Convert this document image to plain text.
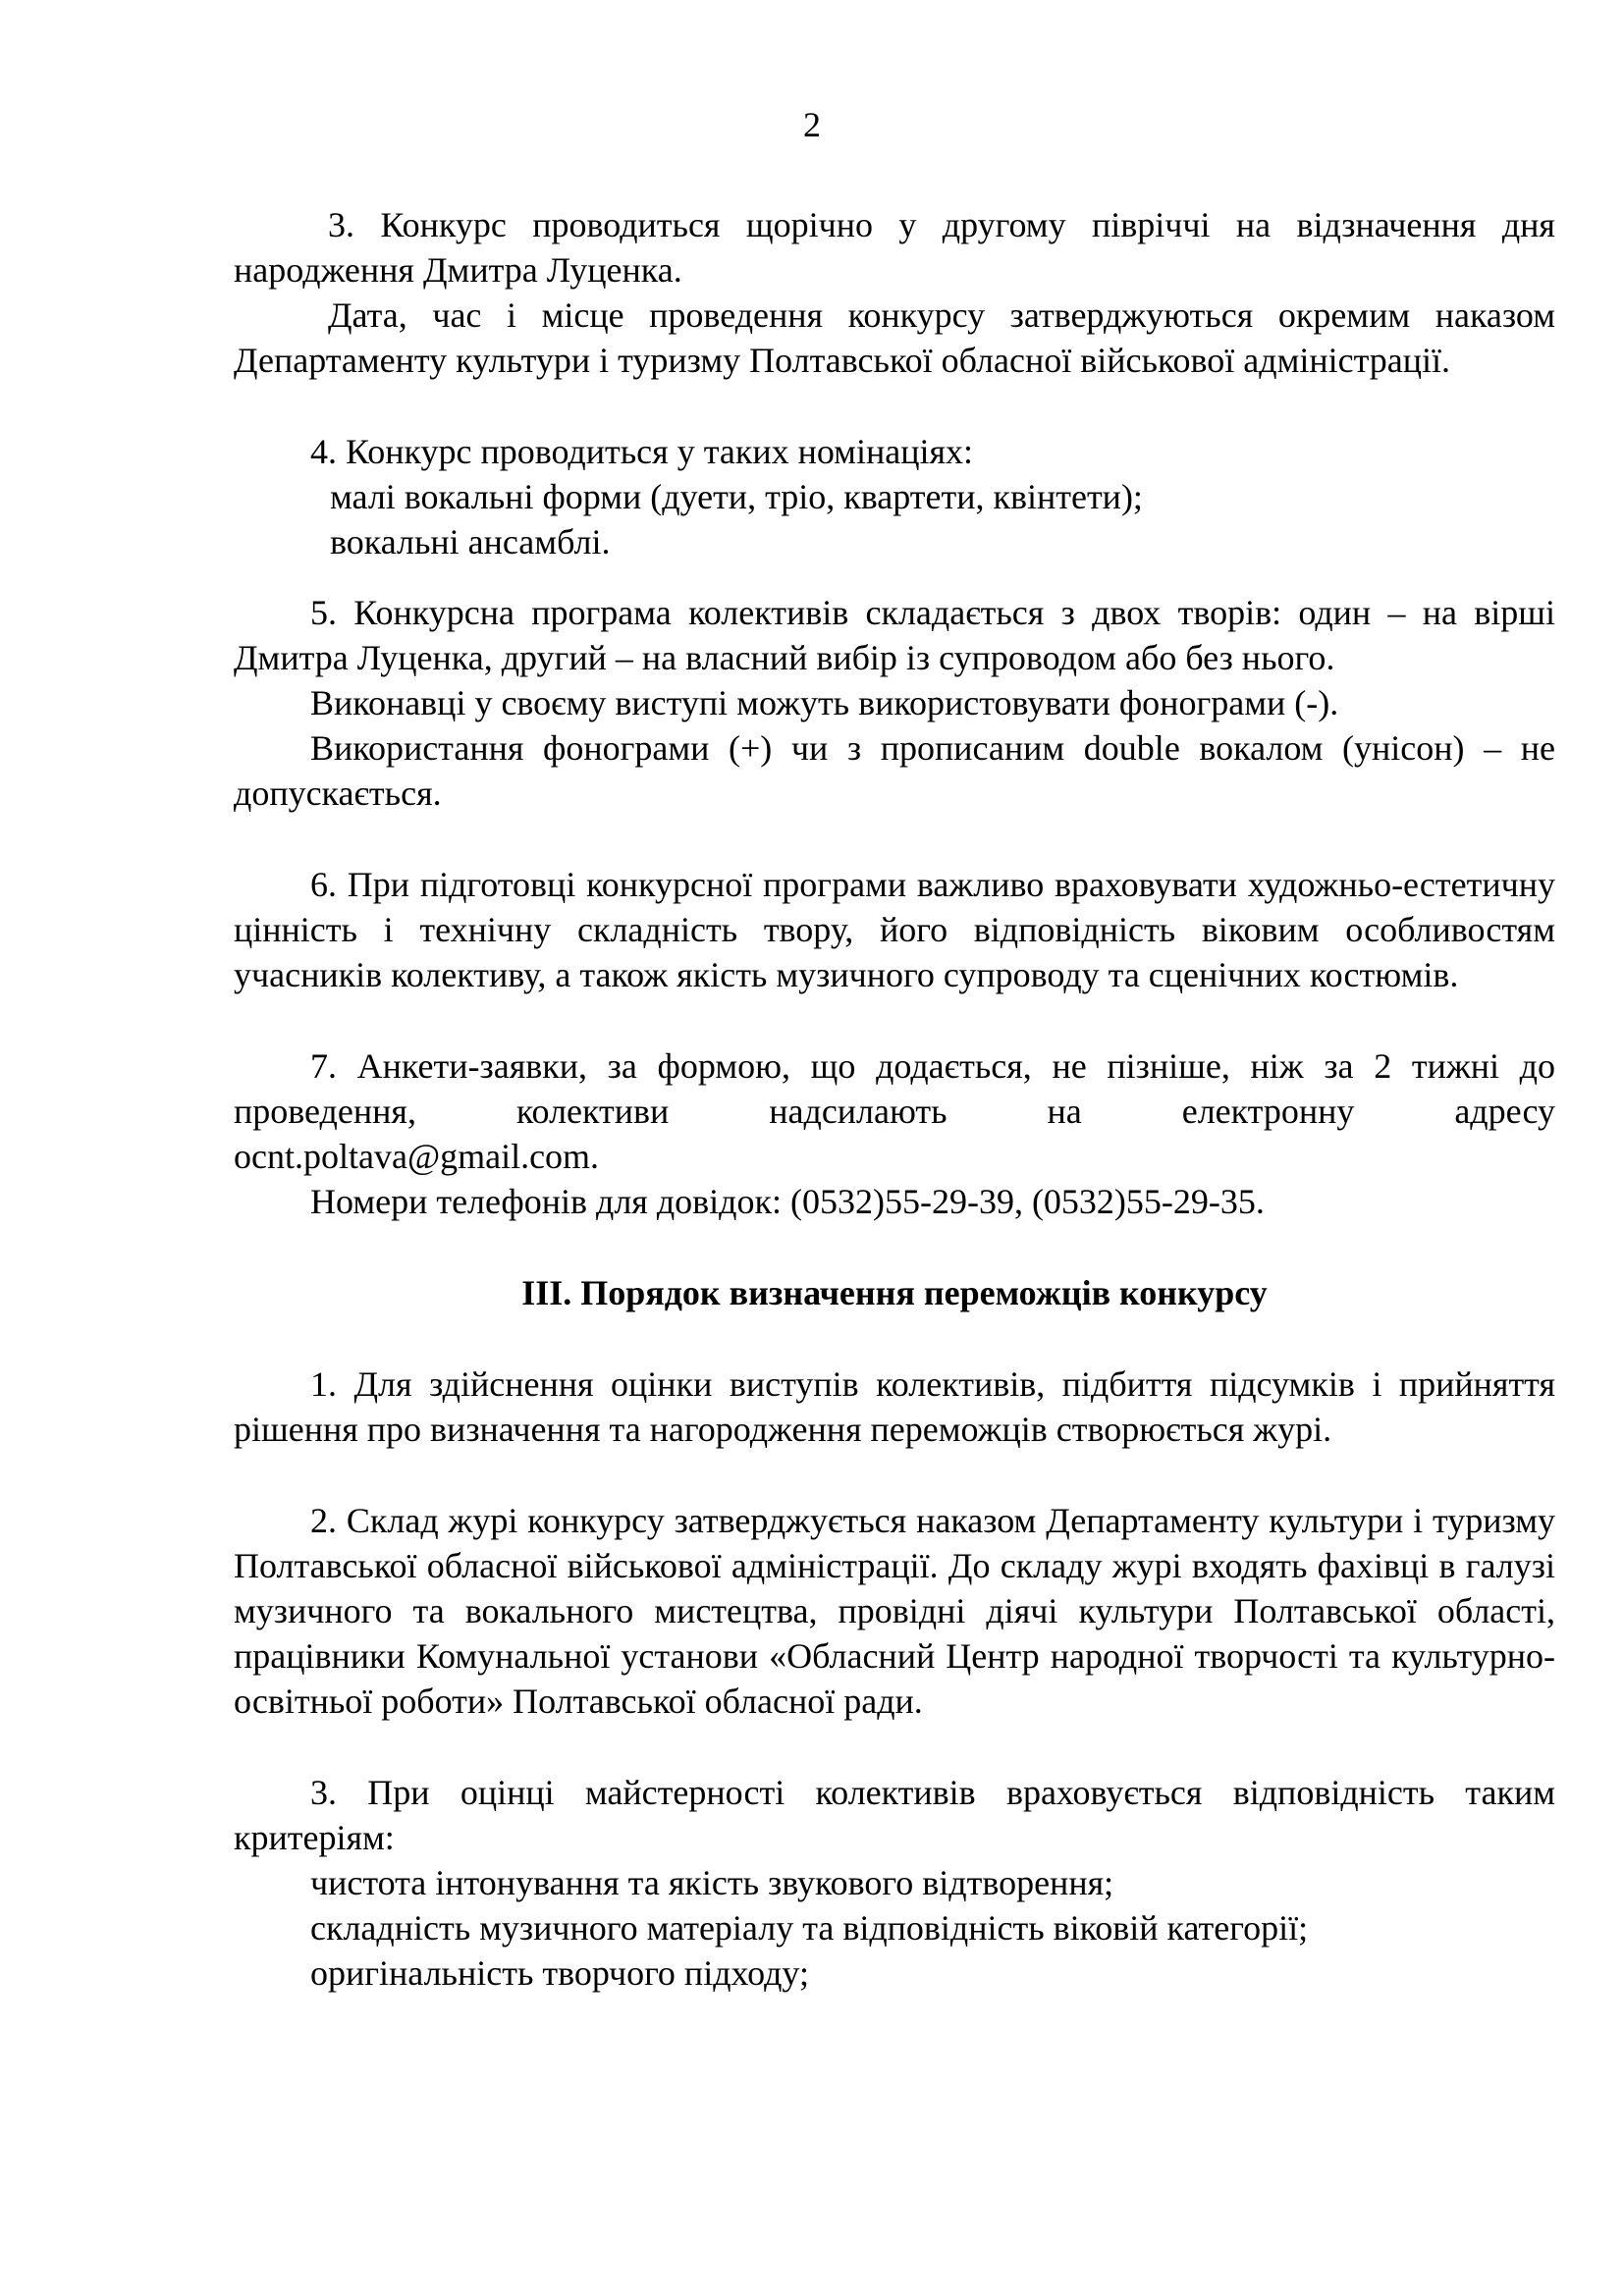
2

3. Конкурс проводиться щорічно у другому півріччі на відзначення дня народження Дмитра Луценка.

Дата, час і місце проведення конкурсу затверджуються окремим наказом Департаменту культури і туризму Полтавської обласної військової адміністрації.

4. Конкурс проводиться у таких номінаціях:

малі вокальні форми (дуети, тріо, квартети, квінтети);

вокальні ансамблі.

5. Конкурсна програма колективів складається з двох творів: один – на вірші Дмитра Луценка, другий – на власний вибір із супроводом або без нього.

Виконавці у своєму виступі можуть використовувати фонограми (-).

Використання фонограми (+) чи з прописаним double вокалом (унісон) – не допускається.

6. При підготовці конкурсної програми важливо враховувати художньо-естетичну цінність і технічну складність твору, його відповідність віковим особливостям учасників колективу, а також якість музичного супроводу та сценічних костюмів.

7. Анкети-заявки, за формою, що додається, не пізніше, ніж за 2 тижні до проведення, колективи надсилають на електронну адресу

ocnt.poltava@gmail.com.

Номери телефонів для довідок: (0532)55-29-39, (0532)55-29-35.

ІІІ. Порядок визначення переможців конкурсу

1. Для здійснення оцінки виступів колективів, підбиття підсумків і прийняття рішення про визначення та нагородження переможців створюється журі.

2. Склад журі конкурсу затверджується наказом Департаменту культури і туризму Полтавської обласної військової адміністрації. До складу журі входять фахівці в галузі музичного та вокального мистецтва, провідні діячі культури Полтавської області, працівники Комунальної установи «Обласний Центр народної творчості та культурно-освітньої роботи» Полтавської обласної ради.

3. При оцінці майстерності колективів враховується відповідність таким критеріям:

чистота інтонування та якість звукового відтворення;

складність музичного матеріалу та відповідність віковій категорії;

оригінальність творчого підходу;
